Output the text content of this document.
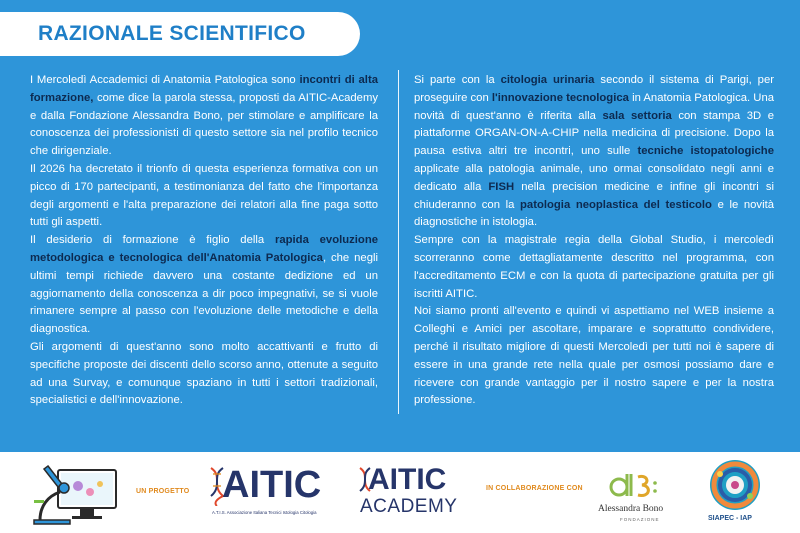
RAZIONALE SCIENTIFICO

I Mercoledì Accademici di Anatomia Patologica sono incontri di alta formazione, come dice la parola stessa, proposti da AITIC-Academy e dalla Fondazione Alessandra Bono, per stimolare e amplificare la conoscenza dei professionisti di questo settore sia nel profilo tecnico che dirigenziale.

Il 2026 ha decretato il trionfo di questa esperienza formativa con un picco di 170 partecipanti, a testimonianza del fatto che l'importanza degli argomenti e l'alta preparazione dei relatori alla fine paga sotto tutti gli aspetti.

Il desiderio di formazione è figlio della rapida evoluzione metodologica e tecnologica dell'Anatomia Patologica, che negli ultimi tempi richiede davvero una costante dedizione ed un aggiornamento della conoscenza a dir poco impegnativi, se si vuole rimanere sempre al passo con l'evoluzione delle metodiche e della diagnostica.

Gli argomenti di quest'anno sono molto accattivanti e frutto di specifiche proposte dei discenti dello scorso anno, ottenute a seguito ad una Survay, e comunque spaziano in tutti i settori tradizionali, specialistici e dell'innovazione.

Si parte con la citologia urinaria secondo il sistema di Parigi, per proseguire con l'innovazione tecnologica in Anatomia Patologica. Una novità di quest'anno è riferita alla sala settoria con stampa 3D e piattaforme ORGAN-ON-A-CHIP nella medicina di precisione. Dopo la pausa estiva altri tre incontri, uno sulle tecniche istopatologiche applicate alla patologia animale, uno ormai consolidato negli anni e dedicato alla FISH nella precision medicine e infine gli incontri si chiuderanno con la patologia neoplastica del testicolo e le novità diagnostiche in istologia.

Sempre con la magistrale regia della Global Studio, i mercoledì scorreranno come dettagliatamente descritto nel programma, con l'accreditamento ECM e con la quota di partecipazione gratuita per gli iscritti AITIC.

Noi siamo pronti all'evento e quindi vi aspettiamo nel WEB insieme a Colleghi e Amici per ascoltare, imparare e soprattutto condividere, perché il risultato migliore di questi Mercoledì per tutti noi è sapere di essere in una grande rete nella quale per osmosi possiamo dare e ricevere con grande vantaggio per il nostro sapere e per la nostra professione.

UN PROGETTO AITIC
A.T.I.S. Associazione Italiana Tecnici Istologia Citologia
AITIC
ACADEMY
IN COLLABORAZIONE CON
Alessandra Bono
FONDAZIONE	SIAPEC - IAP
